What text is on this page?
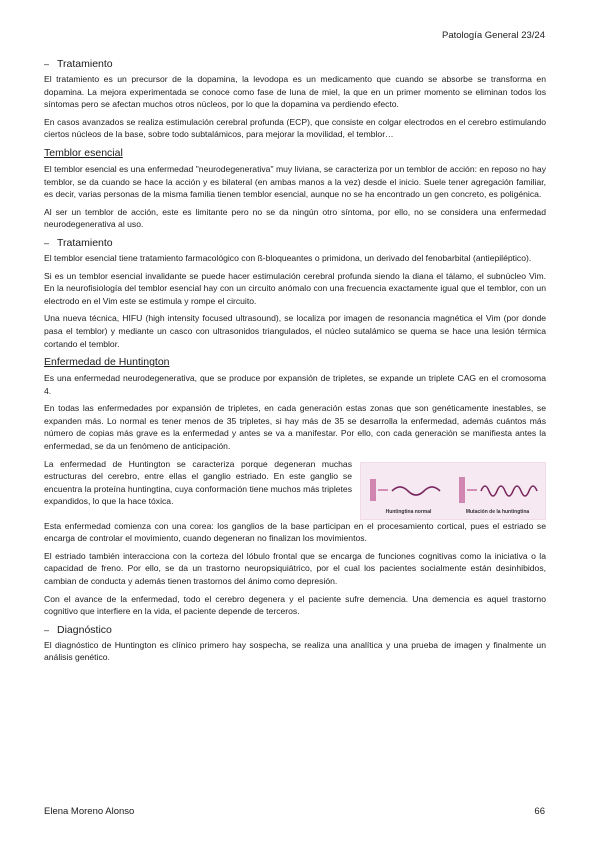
Patología General 23/24
– Tratamiento

El tratamiento es un precursor de la dopamina, la levodopa es un medicamento que cuando se absorbe se transforma en dopamina. La mejora experimentada se conoce como fase de luna de miel, la que en un primer momento se eliminan todos los síntomas pero se afectan muchos otros núcleos, por lo que la dopamina va perdiendo efecto.

En casos avanzados se realiza estimulación cerebral profunda (ECP), que consiste en colgar electrodos en el cerebro estimulando ciertos núcleos de la base, sobre todo subtalámicos, para mejorar la movilidad, el temblor…

Temblor esencial

El temblor esencial es una enfermedad "neurodegenerativa" muy liviana, se caracteriza por un temblor de acción: en reposo no hay temblor, se da cuando se hace la acción y es bilateral (en ambas manos a la vez) desde el inicio. Suele tener agregación familiar, es decir, varias personas de la misma familia tienen temblor esencial, aunque no se ha encontrado un gen concreto, es poligénica.

Al ser un temblor de acción, este es limitante pero no se da ningún otro síntoma, por ello, no se considera una enfermedad neurodegenerativa al uso.

– Tratamiento

El temblor esencial tiene tratamiento farmacológico con ß-bloqueantes o primidona, un derivado del fenobarbital (antiepiléptico).

Si es un temblor esencial invalidante se puede hacer estimulación cerebral profunda siendo la diana el tálamo, el subnúcleo Vim. En la neurofisiología del temblor esencial hay con un circuito anómalo con una frecuencia exactamente igual que el temblor, con un electrodo en el Vim este se estimula y rompe el circuito.

Una nueva técnica, HIFU (high intensity focused ultrasound), se localiza por imagen de resonancia magnética el Vim (por donde pasa el temblor) y mediante un casco con ultrasonidos triangulados, el núcleo sutalámico se quema se hace una lesión térmica cortando el temblor.

Enfermedad de Huntington

Es una enfermedad neurodegenerativa, que se produce por expansión de tripletes, se expande un triplete CAG en el cromosoma 4.

En todas las enfermedades por expansión de tripletes, en cada generación estas zonas que son genéticamente inestables, se expanden más. Lo normal es tener menos de 35 tripletes, si hay más de 35 se desarrolla la enfermedad, además cuántos más número de copias más grave es la enfermedad y antes se va a manifestar. Por ello, con cada generación se manifiesta antes la enfermedad, se da un fenómeno de anticipación.

La enfermedad de Huntington se caracteriza porque degeneran muchas estructuras del cerebro, entre ellas el ganglio estriado. En este ganglio se encuentra la proteína huntingtina, cuya conformación tiene muchos más tripletes expandidos, lo que la hace tóxica.

Huntingtina normal	Mutación de la huntingtina

Esta enfermedad comienza con una corea: los ganglios de la base participan en el procesamiento cortical, pues el estriado se encarga de controlar el movimiento, cuando degeneran no finalizan los movimientos.

El estriado también interacciona con la corteza del lóbulo frontal que se encarga de funciones cognitivas como la iniciativa o la capacidad de freno. Por ello, se da un trastorno neuropsiquiátrico, por el cual los pacientes socialmente están desinhibidos, cambian de conducta y además tienen trastornos del ánimo como depresión.

Con el avance de la enfermedad, todo el cerebro degenera y el paciente sufre demencia. Una demencia es aquel trastorno cognitivo que interfiere en la vida, el paciente depende de terceros.

– Diagnóstico

El diagnóstico de Huntington es clínico primero hay sospecha, se realiza una analítica y una prueba de imagen y finalmente un análisis genético.

Elena Moreno Alonso	66
